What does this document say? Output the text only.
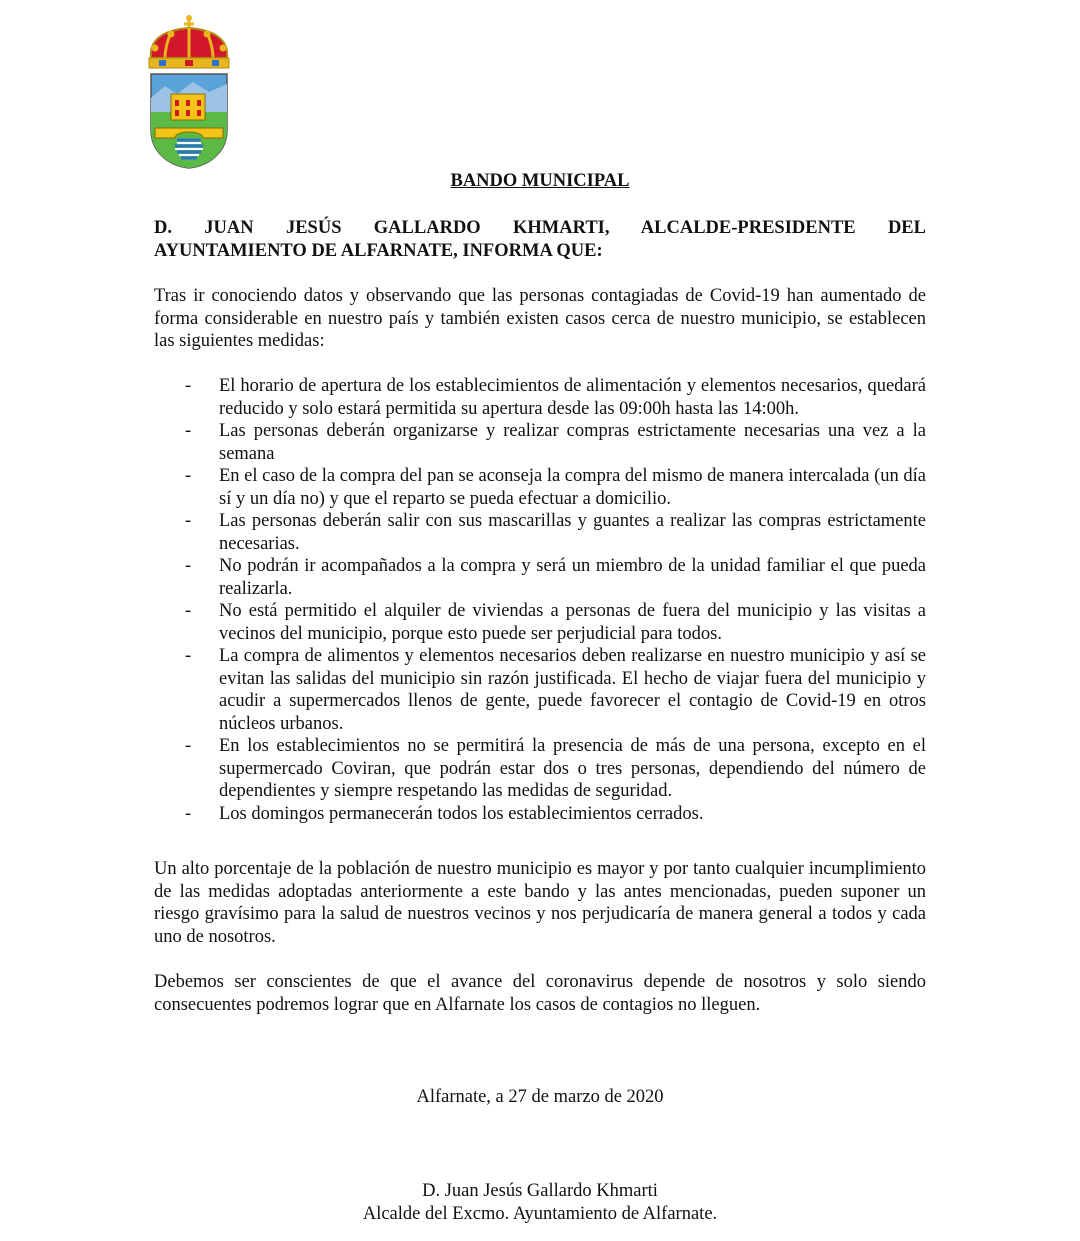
BANDO MUNICIPAL
D. JUAN JESÚS GALLARDO KHMARTI, ALCALDE-PRESIDENTE DEL
AYUNTAMIENTO DE ALFARNATE, INFORMA QUE:
Tras ir conociendo datos y observando que las personas contagiadas de Covid-19 han aumentado de forma considerable en nuestro país y también existen casos cerca de nuestro municipio, se establecen las siguientes medidas:
- El horario de apertura de los establecimientos de alimentación y elementos necesarios, quedará reducido y solo estará permitida su apertura desde las 09:00h hasta las 14:00h.
- Las personas deberán organizarse y realizar compras estrictamente necesarias una vez a la semana
- En el caso de la compra del pan se aconseja la compra del mismo de manera intercalada (un día sí y un día no) y que el reparto se pueda efectuar a domicilio.
- Las personas deberán salir con sus mascarillas y guantes a realizar las compras estrictamente necesarias.
- No podrán ir acompañados a la compra y será un miembro de la unidad familiar el que pueda realizarla.
- No está permitido el alquiler de viviendas a personas de fuera del municipio y las visitas a vecinos del municipio, porque esto puede ser perjudicial para todos.
- La compra de alimentos y elementos necesarios deben realizarse en nuestro municipio y así se evitan las salidas del municipio sin razón justificada. El hecho de viajar fuera del municipio y acudir a supermercados llenos de gente, puede favorecer el contagio de Covid-19 en otros núcleos urbanos.
- En los establecimientos no se permitirá la presencia de más de una persona, excepto en el supermercado Coviran, que podrán estar dos o tres personas, dependiendo del número de dependientes y siempre respetando las medidas de seguridad.
- Los domingos permanecerán todos los establecimientos cerrados.
Un alto porcentaje de la población de nuestro municipio es mayor y por tanto cualquier incumplimiento de las medidas adoptadas anteriormente a este bando y las antes mencionadas, pueden suponer un riesgo gravísimo para la salud de nuestros vecinos y nos perjudicaría de manera general a todos y cada uno de nosotros.
Debemos ser conscientes de que el avance del coronavirus depende de nosotros y solo siendo consecuentes podremos lograr que en Alfarnate los casos de contagios no lleguen.
Alfarnate, a 27 de marzo de 2020
D. Juan Jesús Gallardo Khmarti
Alcalde del Excmo. Ayuntamiento de Alfarnate.
